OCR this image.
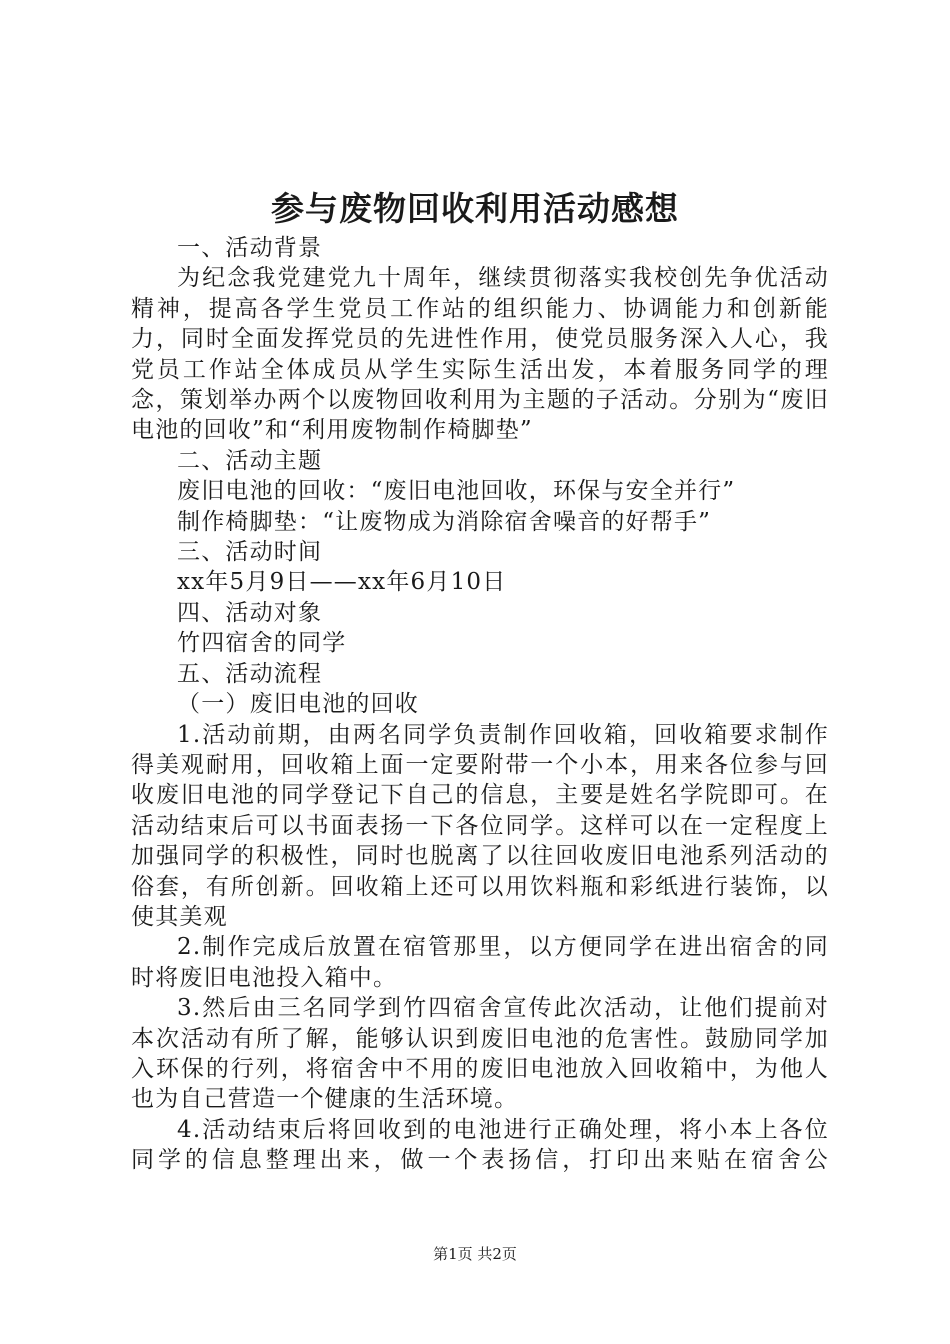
参与废物回收利用活动感想

一、活动背景

为纪念我党建党九十周年，继续贯彻落实我校创先争优活动精神，提高各学生党员工作站的组织能力、协调能力和创新能力，同时全面发挥党员的先进性作用，使党员服务深入人心，我党员工作站全体成员从学生实际生活出发，本着服务同学的理念，策划举办两个以废物回收利用为主题的子活动。分别为“废旧电池的回收”和“利用废物制作椅脚垫”

二、活动主题

废旧电池的回收：“废旧电池回收，环保与安全并行”

制作椅脚垫：“让废物成为消除宿舍噪音的好帮手”

三、活动时间

xx年5月9日——xx年6月10日

四、活动对象

竹四宿舍的同学

五、活动流程

（一）废旧电池的回收

1.活动前期，由两名同学负责制作回收箱，回收箱要求制作得美观耐用，回收箱上面一定要附带一个小本，用来各位参与回收废旧电池的同学登记下自己的信息，主要是姓名学院即可。在活动结束后可以书面表扬一下各位同学。这样可以在一定程度上加强同学的积极性，同时也脱离了以往回收废旧电池系列活动的俗套，有所创新。回收箱上还可以用饮料瓶和彩纸进行装饰，以使其美观

2.制作完成后放置在宿管那里，以方便同学在进出宿舍的同时将废旧电池投入箱中。

3.然后由三名同学到竹四宿舍宣传此次活动，让他们提前对本次活动有所了解，能够认识到废旧电池的危害性。鼓励同学加入环保的行列，将宿舍中不用的废旧电池放入回收箱中，为他人也为自己营造一个健康的生活环境。

4.活动结束后将回收到的电池进行正确处理，将小本上各位同学的信息整理出来，做一个表扬信，打印出来贴在宿舍公

第1页 共2页
